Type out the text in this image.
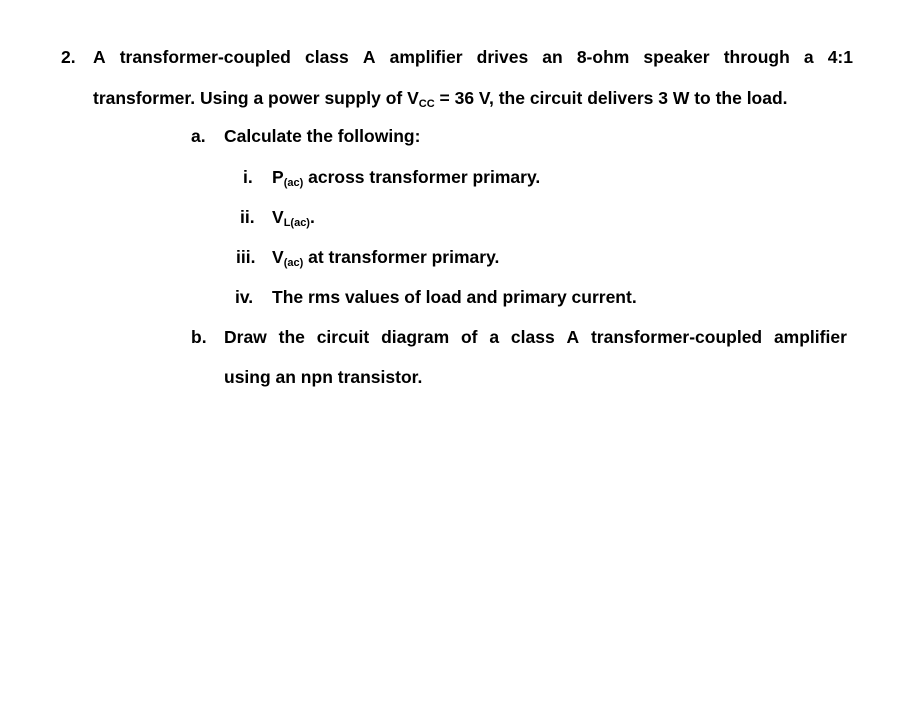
2. A transformer-coupled class A amplifier drives an 8-ohm speaker through a 4:1
transformer. Using a power supply of $V_{CC} = 36$ V, the circuit delivers 3 W to the load.
a. Calculate the following:
i. $P_{(ac)}$ across transformer primary.
ii. $V_{L(ac)}$.
iii. $V_{(ac)}$ at transformer primary.
iv. The rms values of load and primary current.
b. Draw the circuit diagram of a class A transformer-coupled amplifier
using an npn transistor.
